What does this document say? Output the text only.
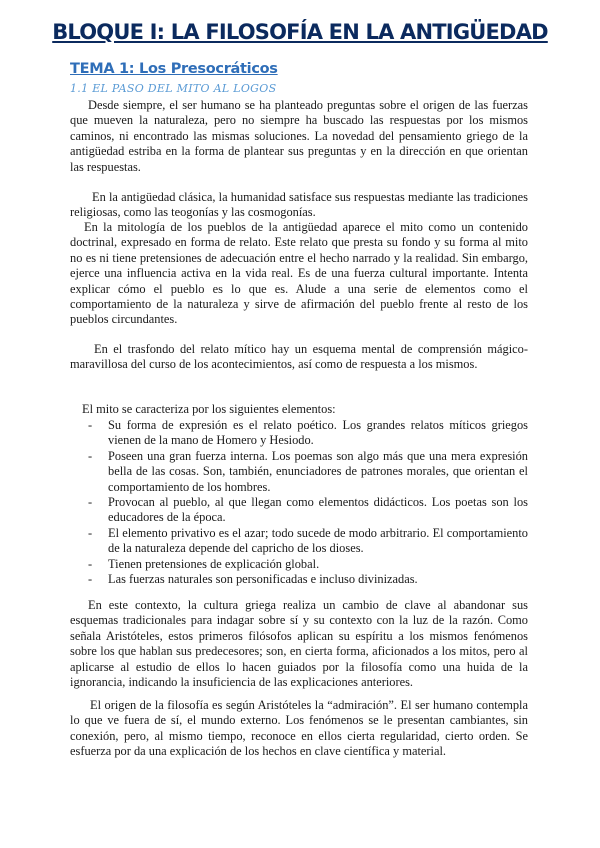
BLOQUE I: LA FILOSOFÍA EN LA ANTIGÜEDAD
TEMA 1: Los Presocráticos
1.1 EL PASO DEL MITO AL LOGOS

Desde siempre, el ser humano se ha planteado preguntas sobre el origen de las fuerzas que mueven la naturaleza, pero no siempre ha buscado las respuestas por los mismos caminos, ni encontrado las mismas soluciones. La novedad del pensamiento griego de la antigüedad estriba en la forma de plantear sus preguntas y en la dirección en que orientan las respuestas.

En la antigüedad clásica, la humanidad satisface sus respuestas mediante las tradiciones religiosas, como las teogonías y las cosmogonías.

En la mitología de los pueblos de la antigüedad aparece el mito como un contenido doctrinal, expresado en forma de relato. Este relato que presta su fondo y su forma al mito no es ni tiene pretensiones de adecuación entre el hecho narrado y la realidad. Sin embargo, ejerce una influencia activa en la vida real. Es de una fuerza cultural importante. Intenta explicar cómo el pueblo es lo que es. Alude a una serie de elementos como el comportamiento de la naturaleza y sirve de afirmación del pueblo frente al resto de los pueblos circundantes.

En el trasfondo del relato mítico hay un esquema mental de comprensión mágico-maravillosa del curso de los acontecimientos, así como de respuesta a los mismos.

El mito se caracteriza por los siguientes elementos:

- Su forma de expresión es el relato poético. Los grandes relatos míticos griegos vienen de la mano de Homero y Hesiodo.
- Poseen una gran fuerza interna. Los poemas son algo más que una mera expresión bella de las cosas. Son, también, enunciadores de patrones morales, que orientan el comportamiento de los hombres.
- Provocan al pueblo, al que llegan como elementos didácticos. Los poetas son los educadores de la época.
- El elemento privativo es el azar; todo sucede de modo arbitrario. El comportamiento de la naturaleza depende del capricho de los dioses.
- Tienen pretensiones de explicación global.
- Las fuerzas naturales son personificadas e incluso divinizadas.

En este contexto, la cultura griega realiza un cambio de clave al abandonar sus esquemas tradicionales para indagar sobre sí y su contexto con la luz de la razón. Como señala Aristóteles, estos primeros filósofos aplican su espíritu a los mismos fenómenos sobre los que hablan sus predecesores; son, en cierta forma, aficionados a los mitos, pero al aplicarse al estudio de ellos lo hacen guiados por la filosofía como una huida de la ignorancia, indicando la insuficiencia de las explicaciones anteriores.

El origen de la filosofía es según Aristóteles la “admiración”. El ser humano contempla lo que ve fuera de sí, el mundo externo. Los fenómenos se le presentan cambiantes, sin conexión, pero, al mismo tiempo, reconoce en ellos cierta regularidad, cierto orden. Se esfuerza por da una explicación de los hechos en clave científica y material.
